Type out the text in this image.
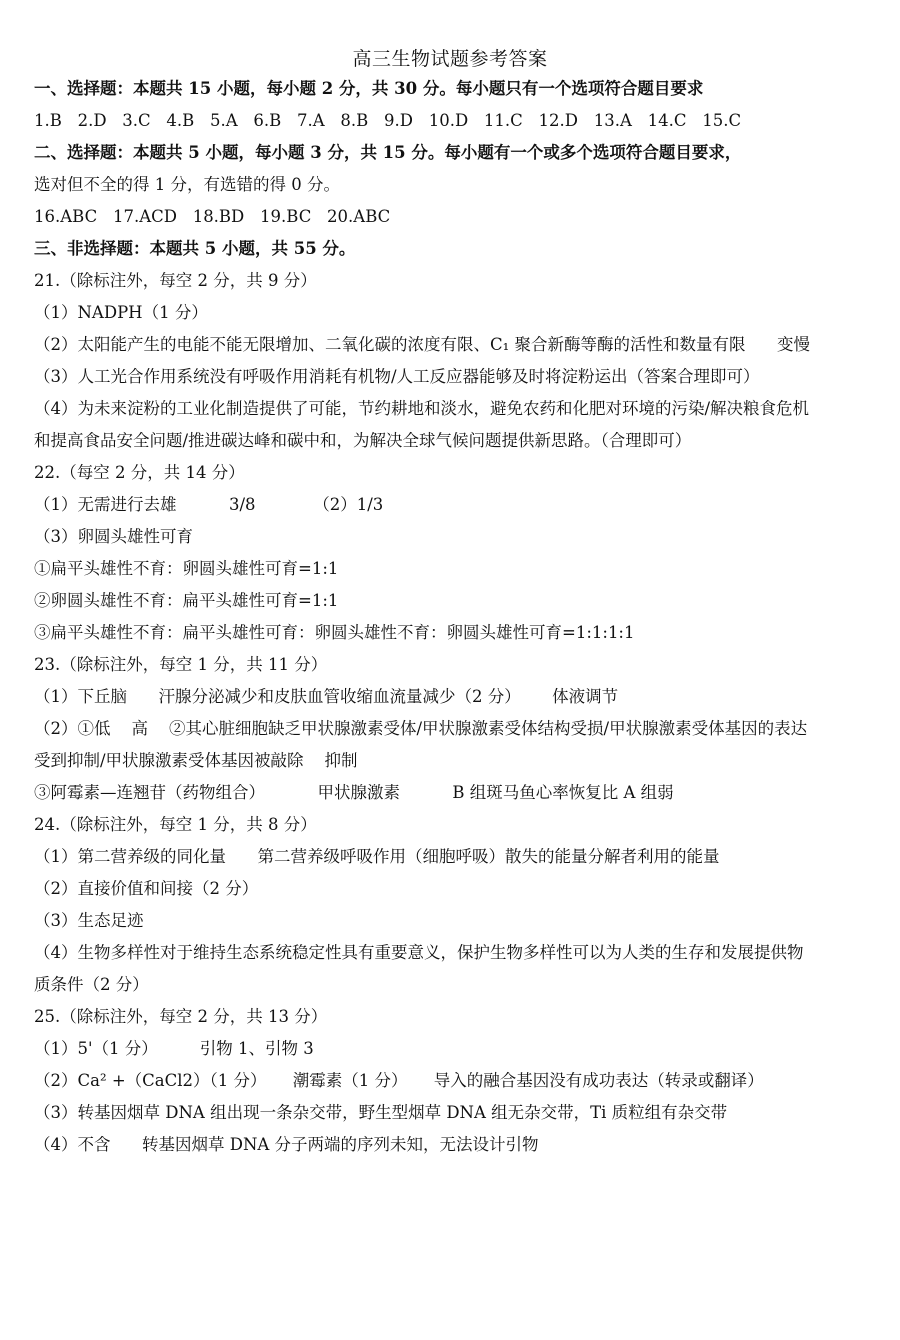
高三生物试题参考答案
一、选择题：本题共 15 小题，每小题 2 分，共 30 分。每小题只有一个选项符合题目要求
1.B   2.D   3.C   4.B   5.A   6.B   7.A   8.B   9.D   10.D   11.C   12.D   13.A   14.C   15.C
二、选择题：本题共 5 小题，每小题 3 分，共 15 分。每小题有一个或多个选项符合题目要求，
选对但不全的得 1 分，有选错的得 0 分。
16.ABC   17.ACD   18.BD   19.BC   20.ABC
三、非选择题：本题共 5 小题，共 55 分。
21.（除标注外，每空 2 分，共 9 分）
（1）NADPH（1 分）
（2）太阳能产生的电能不能无限增加、二氧化碳的浓度有限、C₁ 聚合新酶等酶的活性和数量有限      变慢
（3）人工光合作用系统没有呼吸作用消耗有机物/人工反应器能够及时将淀粉运出（答案合理即可）
（4）为未来淀粉的工业化制造提供了可能，节约耕地和淡水，避免农药和化肥对环境的污染/解决粮食危机
和提高食品安全问题/推进碳达峰和碳中和，为解决全球气候问题提供新思路。（合理即可）
22.（每空 2 分，共 14 分）
（1）无需进行去雄          3/8           （2）1/3
（3）卵圆头雄性可育
①扁平头雄性不育：卵圆头雄性可育=1:1
②卵圆头雄性不育：扁平头雄性可育=1:1
③扁平头雄性不育：扁平头雄性可育：卵圆头雄性不育：卵圆头雄性可育=1:1:1:1
23.（除标注外，每空 1 分，共 11 分）
（1）下丘脑      汗腺分泌减少和皮肤血管收缩血流量减少（2 分）      体液调节
（2）①低    高    ②其心脏细胞缺乏甲状腺激素受体/甲状腺激素受体结构受损/甲状腺激素受体基因的表达
受到抑制/甲状腺激素受体基因被敲除    抑制
③阿霉素—连翘苷（药物组合）          甲状腺激素          B 组斑马鱼心率恢复比 A 组弱
24.（除标注外，每空 1 分，共 8 分）
（1）第二营养级的同化量      第二营养级呼吸作用（细胞呼吸）散失的能量分解者利用的能量
（2）直接价值和间接（2 分）
（3）生态足迹
（4）生物多样性对于维持生态系统稳定性具有重要意义，保护生物多样性可以为人类的生存和发展提供物
质条件（2 分）
25.（除标注外，每空 2 分，共 13 分）
（1）5'（1 分）        引物 1、引物 3
（2）Ca² +（CaCl2）（1 分）     潮霉素（1 分）     导入的融合基因没有成功表达（转录或翻译）
（3）转基因烟草 DNA 组出现一条杂交带，野生型烟草 DNA 组无杂交带，Ti 质粒组有杂交带
（4）不含      转基因烟草 DNA 分子两端的序列未知，无法设计引物
